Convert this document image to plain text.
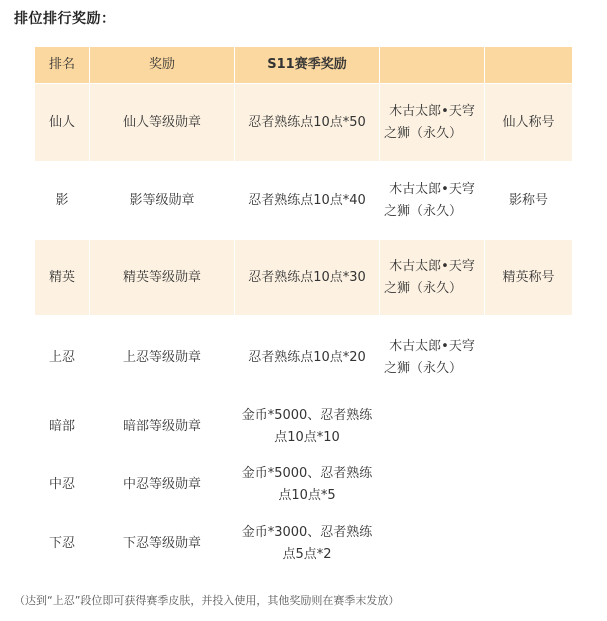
排位排行奖励：
排名	奖励	S11赛季奖励		
仙人	仙人等级勋章	忍者熟练点10点*50	木古太郎•天穹之狮（永久）	仙人称号
影	影等级勋章	忍者熟练点10点*40	木古太郎•天穹之狮（永久）	影称号
精英	精英等级勋章	忍者熟练点10点*30	木古太郎•天穹之狮（永久）	精英称号
上忍	上忍等级勋章	忍者熟练点10点*20	木古太郎•天穹之狮（永久）	
暗部	暗部等级勋章	金币*5000、忍者熟练点10点*10		
中忍	中忍等级勋章	金币*5000、忍者熟练点10点*5		
下忍	下忍等级勋章	金币*3000、忍者熟练点5点*2		
（达到“上忍”段位即可获得赛季皮肤，并投入使用，其他奖励则在赛季末发放）
